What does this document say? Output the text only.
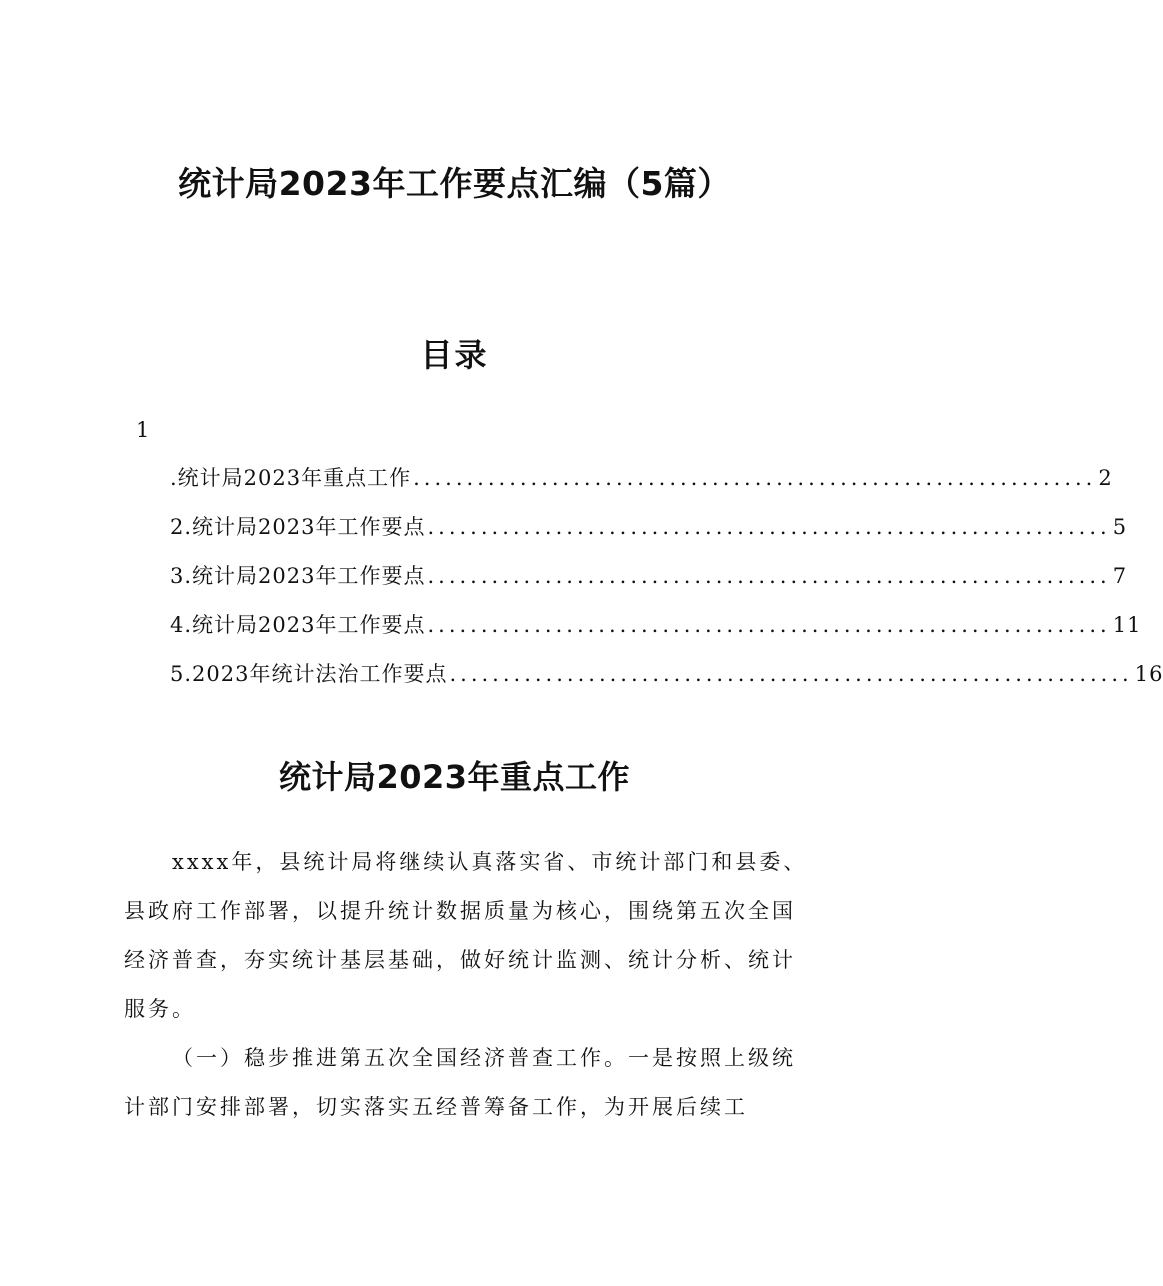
统计局2023年工作要点汇编（5篇）
目录
1
.统计局2023年重点工作 ................................................................ 2
2.统计局2023年工作要点 ................................................................ 5
3.统计局2023年工作要点 ................................................................ 7
4.统计局2023年工作要点 ................................................................ 11
5.2023年统计法治工作要点 ................................................................ 16
统计局2023年重点工作

xxxx年，县统计局将继续认真落实省、市统计部门和县委、县政府工作部署，以提升统计数据质量为核心，围绕第五次全国经济普查，夯实统计基层基础，做好统计监测、统计分析、统计服务。

（一）稳步推进第五次全国经济普查工作。一是按照上级统计部门安排部署，切实落实五经普筹备工作，为开展后续工
